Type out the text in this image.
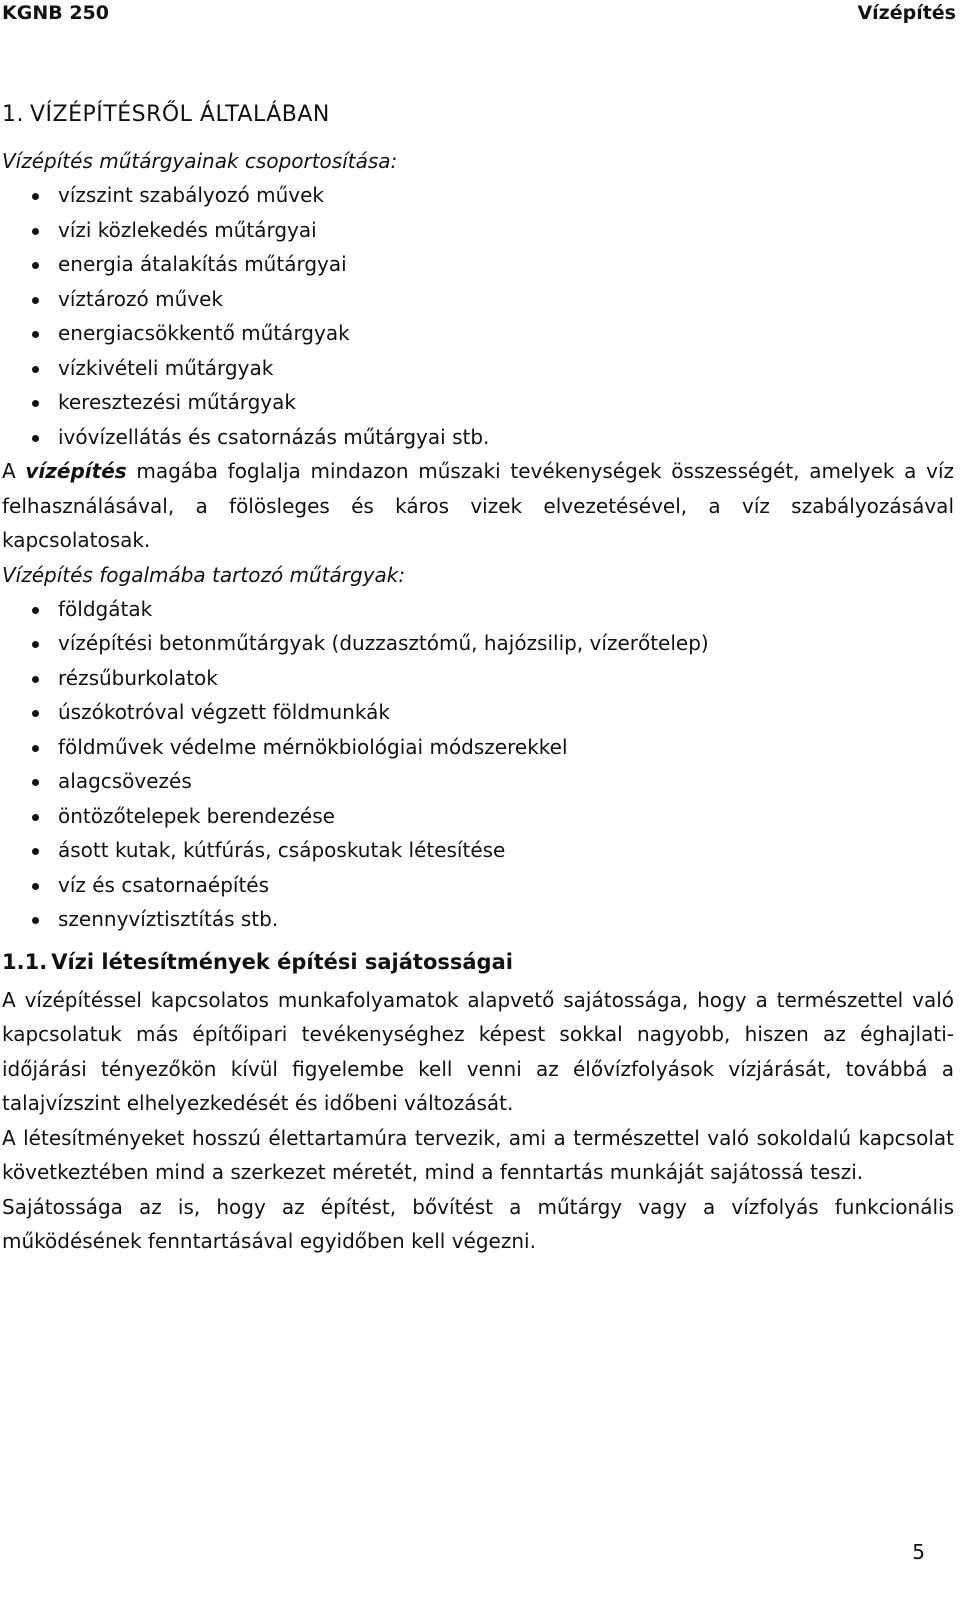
KGNB 250	Vízépítés
1. VÍZÉPÍTÉSRŐL ÁLTALÁBAN

Vízépítés műtárgyainak csoportosítása:

vízszint szabályozó művek
vízi közlekedés műtárgyai
energia átalakítás műtárgyai
víztározó művek
energiacsökkentő műtárgyak
vízkivételi műtárgyak
keresztezési műtárgyak
ivóvízellátás és csatornázás műtárgyai stb.

A vízépítés magába foglalja mindazon műszaki tevékenységek összességét, amelyek a víz felhasználásával, a fölösleges és káros vizek elvezetésével, a víz szabályozásával kapcsolatosak.

Vízépítés fogalmába tartozó műtárgyak:

földgátak
vízépítési betonműtárgyak (duzzasztómű, hajózsilip, vízerőtelep)
rézsűburkolatok
úszókotróval végzett földmunkák
földművek védelme mérnökbiológiai módszerekkel
alagcsövezés
öntözőtelepek berendezése
ásott kutak, kútfúrás, csáposkutak létesítése
víz és csatornaépítés
szennyvíztisztítás stb.
1.1. Vízi létesítmények építési sajátosságai

A vízépítéssel kapcsolatos munkafolyamatok alapvető sajátossága, hogy a természettel való kapcsolatuk más építőipari tevékenységhez képest sokkal nagyobb, hiszen az éghajlati-időjárási tényezőkön kívül figyelembe kell venni az élővízfolyások vízjárását, továbbá a talajvízszint elhelyezkedését és időbeni változását.

A létesítményeket hosszú élettartamúra tervezik, ami a természettel való sokoldalú kapcsolat következtében mind a szerkezet méretét, mind a fenntartás munkáját sajátossá teszi.

Sajátossága az is, hogy az építést, bővítést a műtárgy vagy a vízfolyás funkcionális működésének fenntartásával egyidőben kell végezni.

5
